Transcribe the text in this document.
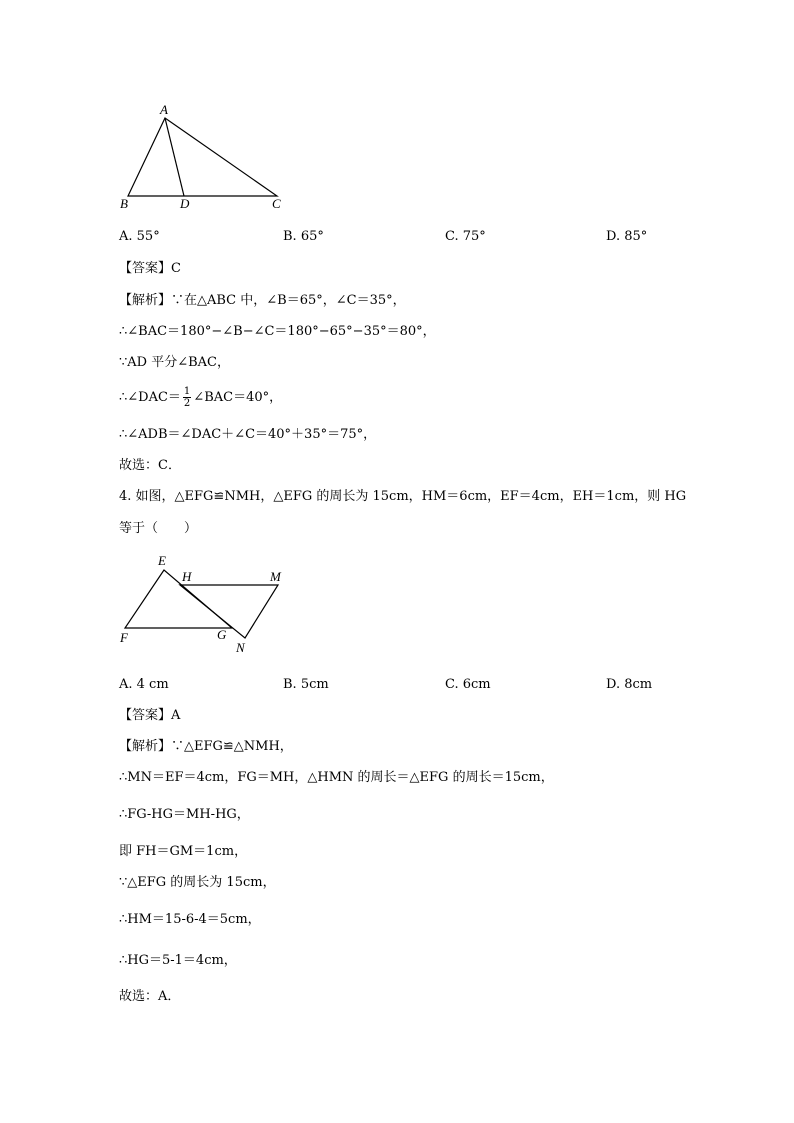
A
B	D	C
A. 55°	B. 65°	C. 75°	D. 85°
【答案】C
【解析】∵在△ABC 中，∠B＝65°，∠C＝35°，
∴∠BAC＝180°−∠B−∠C＝180°−65°−35°＝80°，
∵AD 平分∠BAC，
∴∠DAC＝ $\frac{1}{2}$ ∠BAC＝40°，
∴∠ADB＝∠DAC＋∠C＝40°＋35°＝75°，
故选：C．
4. 如图，△EFG≌NMH，△EFG 的周长为 15cm，HM＝6cm，EF＝4cm，EH＝1cm，则 HG
等于（　　）
E
H	M
F	G
N
A. 4 cm	B. 5cm	C. 6cm	D. 8cm
【答案】A
【解析】∵△EFG≌△NMH，
∴MN＝EF＝4cm，FG＝MH，△HMN 的周长＝△EFG 的周长＝15cm，
∴FG-HG＝MH-HG，
即 FH＝GM＝1cm，
∵△EFG 的周长为 15cm，
∴HM＝15-6-4＝5cm，
∴HG＝5-1＝4cm，
故选：A．
